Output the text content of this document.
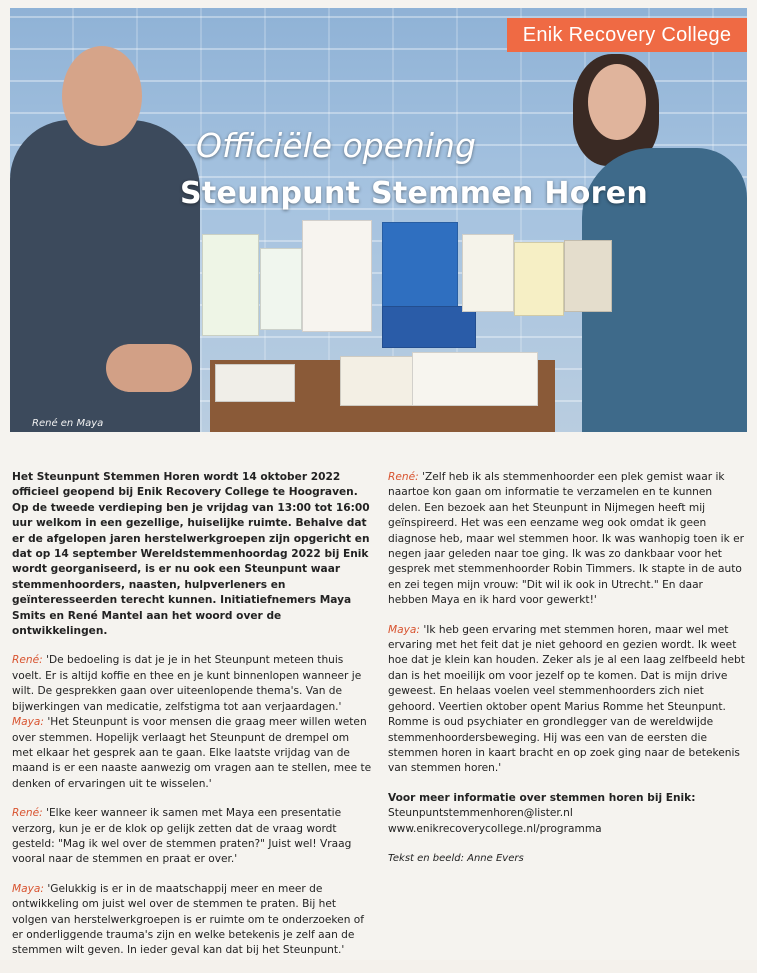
Enik Recovery College
Officiële opening
Steunpunt Stemmen Horen
René en Maya

Het Steunpunt Stemmen Horen wordt 14 oktober 2022 officieel geopend bij Enik Recovery College te Hoograven. Op de tweede verdieping ben je vrijdag van 13:00 tot 16:00 uur welkom in een gezellige, huiselijke ruimte. Behalve dat er de afgelopen jaren herstelwerkgroepen zijn opgericht en dat op 14 september Wereldstemmenhoordag 2022 bij Enik wordt georganiseerd, is er nu ook een Steunpunt waar stemmenhoorders, naasten, hulpverleners en geïnteresseerden terecht kunnen. Initiatiefnemers Maya Smits en René Mantel aan het woord over de ontwikkelingen.

René: 'De bedoeling is dat je je in het Steunpunt meteen thuis voelt. Er is altijd koffie en thee en je kunt binnenlopen wanneer je wilt. De gesprekken gaan over uiteenlopende thema's. Van de bijwerkingen van medicatie, zelfstigma tot aan verjaardagen.'
Maya: 'Het Steunpunt is voor mensen die graag meer willen weten over stemmen. Hopelijk verlaagt het Steunpunt de drempel om met elkaar het gesprek aan te gaan. Elke laatste vrijdag van de maand is er een naaste aanwezig om vragen aan te stellen, mee te denken of ervaringen uit te wisselen.'

René: 'Elke keer wanneer ik samen met Maya een presentatie verzorg, kun je er de klok op gelijk zetten dat de vraag wordt gesteld: "Mag ik wel over de stemmen praten?" Juist wel! Vraag vooral naar de stemmen en praat er over.'

Maya: 'Gelukkig is er in de maatschappij meer en meer de ontwikkeling om juist wel over de stemmen te praten. Bij het volgen van herstelwerkgroepen is er ruimte om te onderzoeken of er onderliggende trauma's zijn en welke betekenis je zelf aan de stemmen wilt geven. In ieder geval kan dat bij het Steunpunt.'

René: 'Zelf heb ik als stemmenhoorder een plek gemist waar ik naartoe kon gaan om informatie te verzamelen en te kunnen delen. Een bezoek aan het Steunpunt in Nijmegen heeft mij geïnspireerd. Het was een eenzame weg ook omdat ik geen diagnose heb, maar wel stemmen hoor. Ik was wanhopig toen ik er negen jaar geleden naar toe ging. Ik was zo dankbaar voor het gesprek met stemmenhoorder Robin Timmers. Ik stapte in de auto en zei tegen mijn vrouw: "Dit wil ik ook in Utrecht." En daar hebben Maya en ik hard voor gewerkt!'

Maya: 'Ik heb geen ervaring met stemmen horen, maar wel met ervaring met het feit dat je niet gehoord en gezien wordt. Ik weet hoe dat je klein kan houden. Zeker als je al een laag zelfbeeld hebt dan is het moeilijk om voor jezelf op te komen. Dat is mijn drive geweest. En helaas voelen veel stemmenhoorders zich niet gehoord. Veertien oktober opent Marius Romme het Steunpunt. Romme is oud psychiater en grondlegger van de wereldwijde stemmenhoordersbeweging. Hij was een van de eersten die stemmen horen in kaart bracht en op zoek ging naar de betekenis van stemmen horen.'

Voor meer informatie over stemmen horen bij Enik:

Steunpuntstemmenhoren@lister.nl

www.enikrecoverycollege.nl/programma

Tekst en beeld: Anne Evers
